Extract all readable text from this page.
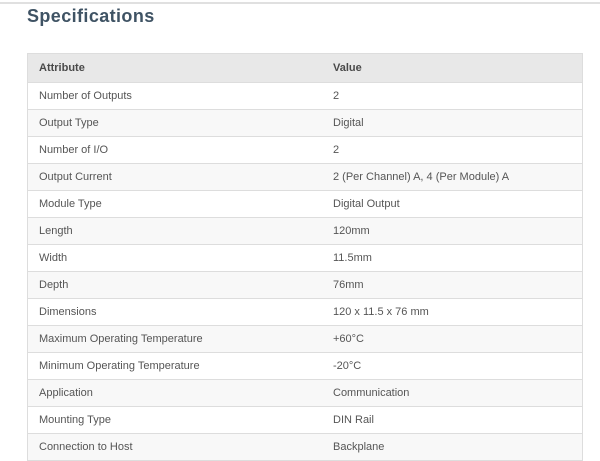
Specifications
Attribute	Value
Number of Outputs	2
Output Type	Digital
Number of I/O	2
Output Current	2 (Per Channel) A, 4 (Per Module) A
Module Type	Digital Output
Length	120mm
Width	11.5mm
Depth	76mm
Dimensions	120 x 11.5 x 76 mm
Maximum Operating Temperature	+60°C
Minimum Operating Temperature	-20°C
Application	Communication
Mounting Type	DIN Rail
Connection to Host	Backplane
